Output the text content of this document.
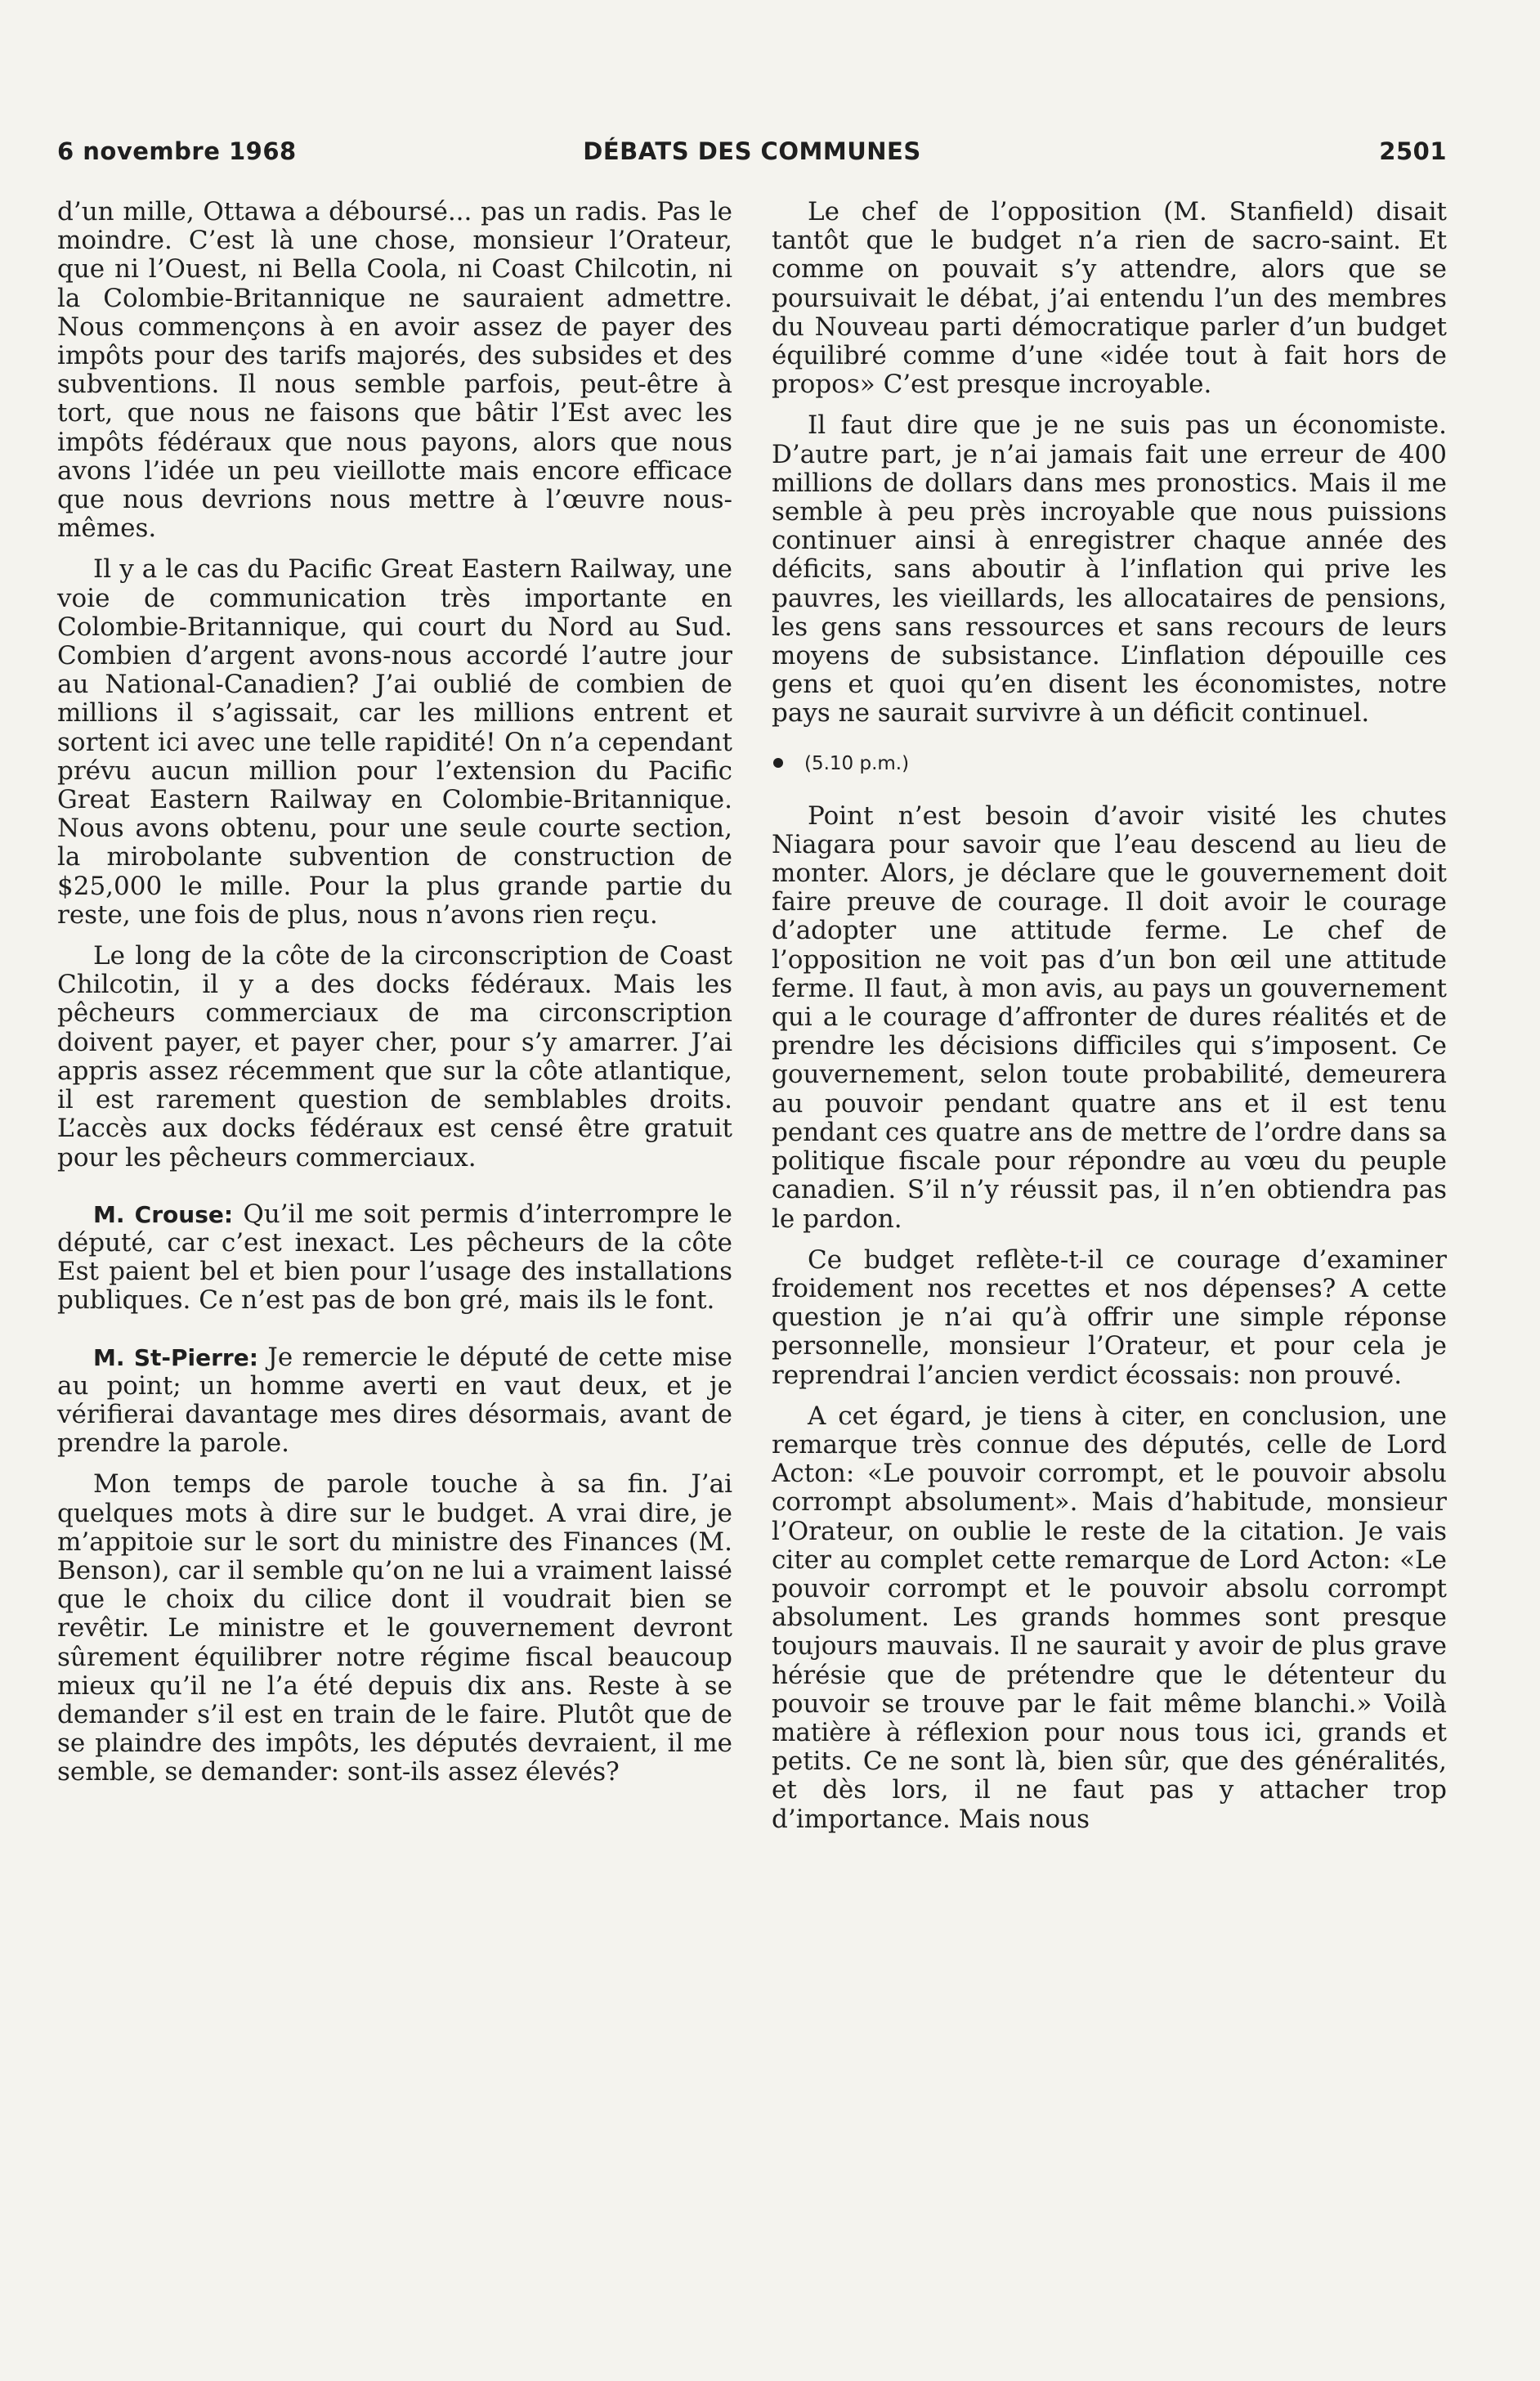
6 novembre 1968	DÉBATS DES COMMUNES	2501

d’un mille, Ottawa a déboursé... pas un radis. Pas le moindre. C’est là une chose, monsieur l’Orateur, que ni l’Ouest, ni Bella Coola, ni Coast Chilcotin, ni la Colombie-Britannique ne sauraient admettre. Nous commençons à en avoir assez de payer des impôts pour des tarifs majorés, des subsides et des subventions. Il nous semble parfois, peut-être à tort, que nous ne faisons que bâtir l’Est avec les impôts fédéraux que nous payons, alors que nous avons l’idée un peu vieillotte mais encore efficace que nous devrions nous mettre à l’œuvre nous-mêmes.

Il y a le cas du Pacific Great Eastern Railway, une voie de communication très importante en Colombie-Britannique, qui court du Nord au Sud. Combien d’argent avons-nous accordé l’autre jour au National-Canadien? J’ai oublié de combien de millions il s’agissait, car les millions entrent et sortent ici avec une telle rapidité! On n’a cependant prévu aucun million pour l’extension du Pacific Great Eastern Railway en Colombie-Britannique. Nous avons obtenu, pour une seule courte section, la mirobolante subvention de construction de $25,000 le mille. Pour la plus grande partie du reste, une fois de plus, nous n’avons rien reçu.

Le long de la côte de la circonscription de Coast Chilcotin, il y a des docks fédéraux. Mais les pêcheurs commerciaux de ma circonscription doivent payer, et payer cher, pour s’y amarrer. J’ai appris assez récemment que sur la côte atlantique, il est rarement question de semblables droits. L’accès aux docks fédéraux est censé être gratuit pour les pêcheurs commerciaux.

M. Crouse: Qu’il me soit permis d’interrompre le député, car c’est inexact. Les pêcheurs de la côte Est paient bel et bien pour l’usage des installations publiques. Ce n’est pas de bon gré, mais ils le font.

M. St-Pierre: Je remercie le député de cette mise au point; un homme averti en vaut deux, et je vérifierai davantage mes dires désormais, avant de prendre la parole.

Mon temps de parole touche à sa fin. J’ai quelques mots à dire sur le budget. A vrai dire, je m’appitoie sur le sort du ministre des Finances (M. Benson), car il semble qu’on ne lui a vraiment laissé que le choix du cilice dont il voudrait bien se revêtir. Le ministre et le gouvernement devront sûrement équilibrer notre régime fiscal beaucoup mieux qu’il ne l’a été depuis dix ans. Reste à se demander s’il est en train de le faire. Plutôt que de se plaindre des impôts, les députés devraient, il me semble, se demander: sont-ils assez élevés?

Le chef de l’opposition (M. Stanfield) disait tantôt que le budget n’a rien de sacro-saint. Et comme on pouvait s’y attendre, alors que se poursuivait le débat, j’ai entendu l’un des membres du Nouveau parti démocratique parler d’un budget équilibré comme d’une «idée tout à fait hors de propos» C’est presque incroyable.

Il faut dire que je ne suis pas un économiste. D’autre part, je n’ai jamais fait une erreur de 400 millions de dollars dans mes pronostics. Mais il me semble à peu près incroyable que nous puissions continuer ainsi à enregistrer chaque année des déficits, sans aboutir à l’inflation qui prive les pauvres, les vieillards, les allocataires de pensions, les gens sans ressources et sans recours de leurs moyens de subsistance. L’inflation dépouille ces gens et quoi qu’en disent les économistes, notre pays ne saurait survivre à un déficit continuel.

(5.10 p.m.)

Point n’est besoin d’avoir visité les chutes Niagara pour savoir que l’eau descend au lieu de monter. Alors, je déclare que le gouvernement doit faire preuve de courage. Il doit avoir le courage d’adopter une attitude ferme. Le chef de l’opposition ne voit pas d’un bon œil une attitude ferme. Il faut, à mon avis, au pays un gouvernement qui a le courage d’affronter de dures réalités et de prendre les décisions difficiles qui s’imposent. Ce gouvernement, selon toute probabilité, demeurera au pouvoir pendant quatre ans et il est tenu pendant ces quatre ans de mettre de l’ordre dans sa politique fiscale pour répondre au vœu du peuple canadien. S’il n’y réussit pas, il n’en obtiendra pas le pardon.

Ce budget reflète-t-il ce courage d’examiner froidement nos recettes et nos dépenses? A cette question je n’ai qu’à offrir une simple réponse personnelle, monsieur l’Orateur, et pour cela je reprendrai l’ancien verdict écossais: non prouvé.

A cet égard, je tiens à citer, en conclusion, une remarque très connue des députés, celle de Lord Acton: «Le pouvoir corrompt, et le pouvoir absolu corrompt absolument». Mais d’habitude, monsieur l’Orateur, on oublie le reste de la citation. Je vais citer au complet cette remarque de Lord Acton: «Le pouvoir corrompt et le pouvoir absolu corrompt absolument. Les grands hommes sont presque toujours mauvais. Il ne saurait y avoir de plus grave hérésie que de prétendre que le détenteur du pouvoir se trouve par le fait même blanchi.» Voilà matière à réflexion pour nous tous ici, grands et petits. Ce ne sont là, bien sûr, que des généralités, et dès lors, il ne faut pas y attacher trop d’importance. Mais nous
